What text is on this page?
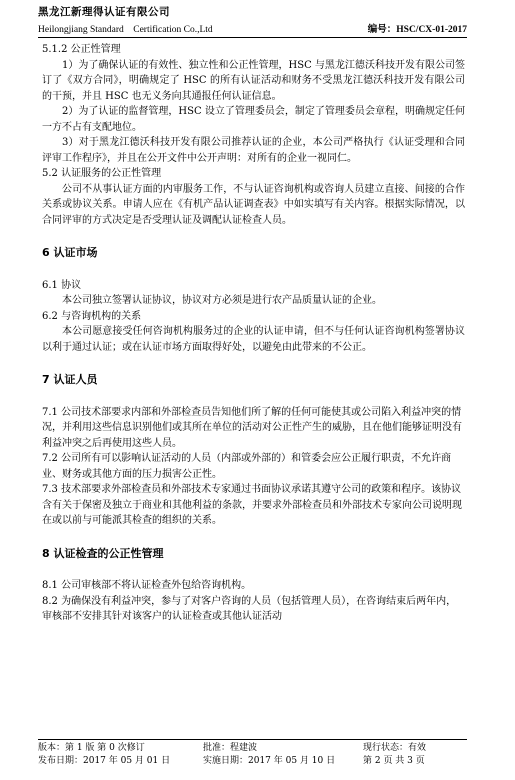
黑龙江新理得认证有限公司
Heilongjiang Standard　Certification Co.,Ltd	编号：HSC/CX-01-2017

5.1.2 公正性管理

1）为了确保认证的有效性、独立性和公正性管理，HSC 与黑龙江德沃科技开发有限公司签订了《双方合同》，明确规定了 HSC 的所有认证活动和财务不受黑龙江德沃科技开发有限公司的干预，并且 HSC 也无义务向其通报任何认证信息。

2）为了认证的监督管理，HSC 设立了管理委员会，制定了管理委员会章程，明确规定任何一方不占有支配地位。

3）对于黑龙江德沃科技开发有限公司推荐认证的企业，本公司严格执行《认证受理和合同评审工作程序》，并且在公开文件中公开声明：对所有的企业一视同仁。

5.2 认证服务的公正性管理

公司不从事认证方面的内审服务工作，不与认证咨询机构或咨询人员建立直接、间接的合作关系或协议关系。申请人应在《有机产品认证调查表》中如实填写有关内容。根据实际情况，以合同评审的方式决定是否受理认证及调配认证检查人员。

6 认证市场

6.1 协议

本公司独立签署认证协议，协议对方必须是进行农产品质量认证的企业。

6.2 与咨询机构的关系

本公司愿意接受任何咨询机构服务过的企业的认证申请，但不与任何认证咨询机构签署协议以利于通过认证；或在认证市场方面取得好处，以避免由此带来的不公正。

7 认证人员

7.1 公司技术部要求内部和外部检查员告知他们所了解的任何可能使其或公司陷入利益冲突的情况，并利用这些信息识别他们或其所在单位的活动对公正性产生的威胁，且在他们能够证明没有利益冲突之后再使用这些人员。

7.2 公司所有可以影响认证活动的人员（内部或外部的）和管委会应公正履行职责，不允许商业、财务或其他方面的压力损害公正性。

7.3 技术部要求外部检查员和外部技术专家通过书面协议承诺其遵守公司的政策和程序。该协议含有关于保密及独立于商业和其他利益的条款，并要求外部检查员和外部技术专家向公司说明现在或以前与可能派其检查的组织的关系。

8 认证检查的公正性管理

8.1 公司审核部不将认证检查外包给咨询机构。

8.2 为确保没有利益冲突，参与了对客户咨询的人员（包括管理人员），在咨询结束后两年内，审核部不安排其针对该客户的认证检查或其他认证活动

版本：第 1 版 第 0 次修订	批准：程建波	现行状态：有效
发布日期：2017 年 05 月 01 日	实施日期：2017 年 05 月 10 日	第 2 页 共 3 页
